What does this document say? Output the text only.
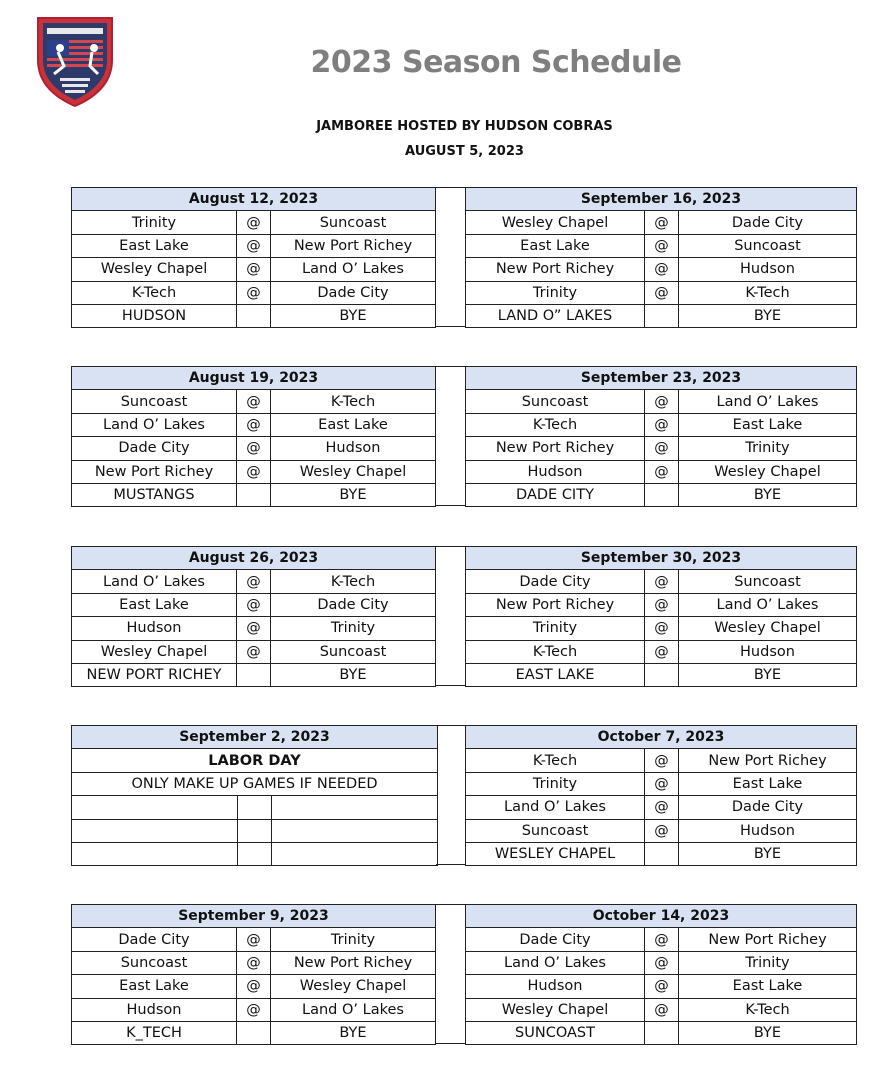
2023 Season Schedule
JAMBOREE HOSTED BY HUDSON COBRAS
AUGUST 5, 2023
August 12, 2023		
Trinity	@	Suncoast
East Lake	@	New Port Richey
Wesley Chapel	@	Land O’ Lakes
K-Tech	@	Dade City
HUDSON		BYE
September 16, 2023		
Wesley Chapel	@	Dade City
East Lake	@	Suncoast
New Port Richey	@	Hudson
Trinity	@	K-Tech
LAND O” LAKES		BYE
August 19, 2023		
Suncoast	@	K-Tech
Land O’ Lakes	@	East Lake
Dade City	@	Hudson
New Port Richey	@	Wesley Chapel
MUSTANGS		BYE
September 23, 2023		
Suncoast	@	Land O’ Lakes
K-Tech	@	East Lake
New Port Richey	@	Trinity
Hudson	@	Wesley Chapel
DADE CITY		BYE
August 26, 2023		
Land O’ Lakes	@	K-Tech
East Lake	@	Dade City
Hudson	@	Trinity
Wesley Chapel	@	Suncoast
NEW PORT RICHEY		BYE
September 30, 2023		
Dade City	@	Suncoast
New Port Richey	@	Land O’ Lakes
Trinity	@	Wesley Chapel
K-Tech	@	Hudson
EAST LAKE		BYE
September 2, 2023		
LABOR DAY		
ONLY MAKE UP GAMES IF NEEDED		

October 7, 2023		
K-Tech	@	New Port Richey
Trinity	@	East Lake
Land O’ Lakes	@	Dade City
Suncoast	@	Hudson
WESLEY CHAPEL		BYE
September 9, 2023		
Dade City	@	Trinity
Suncoast	@	New Port Richey
East Lake	@	Wesley Chapel
Hudson	@	Land O’ Lakes
K_TECH		BYE
October 14, 2023		
Dade City	@	New Port Richey
Land O’ Lakes	@	Trinity
Hudson	@	East Lake
Wesley Chapel	@	K-Tech
SUNCOAST		BYE
